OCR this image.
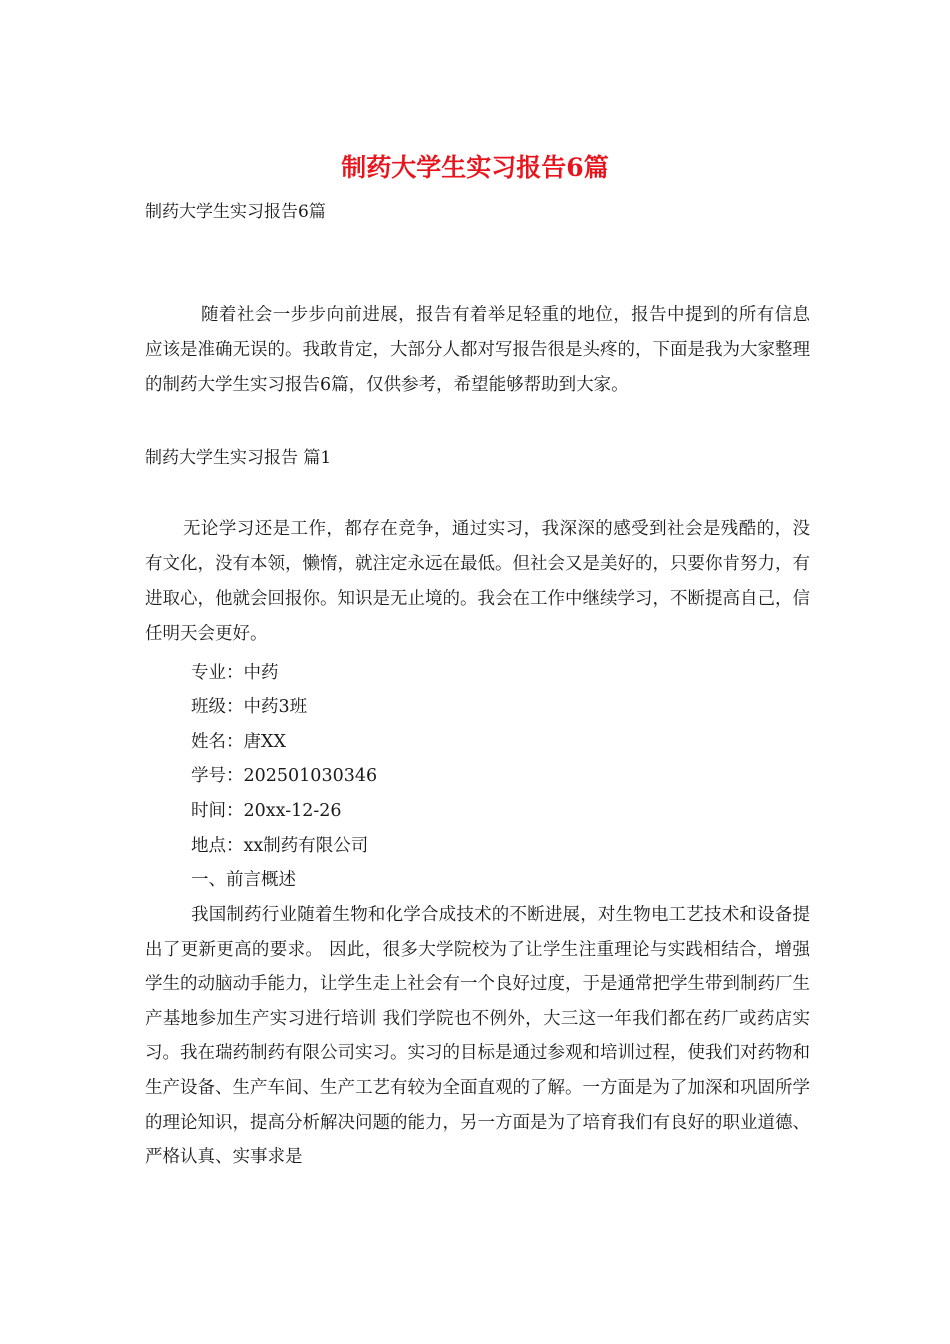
制药大学生实习报告6篇
制药大学生实习报告6篇
随着社会一步步向前进展，报告有着举足轻重的地位，报告中提到的所有信息应该是准确无误的。我敢肯定，大部分人都对写报告很是头疼的，下面是我为大家整理的制药大学生实习报告6篇，仅供参考，希望能够帮助到大家。
制药大学生实习报告 篇1
无论学习还是工作，都存在竞争，通过实习，我深深的感受到社会是残酷的，没有文化，没有本领，懒惰，就注定永远在最低。但社会又是美好的，只要你肯努力，有进取心，他就会回报你。知识是无止境的。我会在工作中继续学习，不断提高自己，信任明天会更好。
专业：中药
班级：中药3班
姓名：唐XX
学号：202501030346
时间：20xx-12-26
地点：xx制药有限公司
一、前言概述
我国制药行业随着生物和化学合成技术的不断进展，对生物电工艺技术和设备提出了更新更高的要求。 因此，很多大学院校为了让学生注重理论与实践相结合，增强学生的动脑动手能力，让学生走上社会有一个良好过度，于是通常把学生带到制药厂生产基地参加生产实习进行培训 我们学院也不例外，大三这一年我们都在药厂或药店实习。我在瑞药制药有限公司实习。实习的目标是通过参观和培训过程，使我们对药物和生产设备、生产车间、生产工艺有较为全面直观的了解。一方面是为了加深和巩固所学的理论知识，提高分析解决问题的能力，另一方面是为了培育我们有良好的职业道德、严格认真、实事求是
